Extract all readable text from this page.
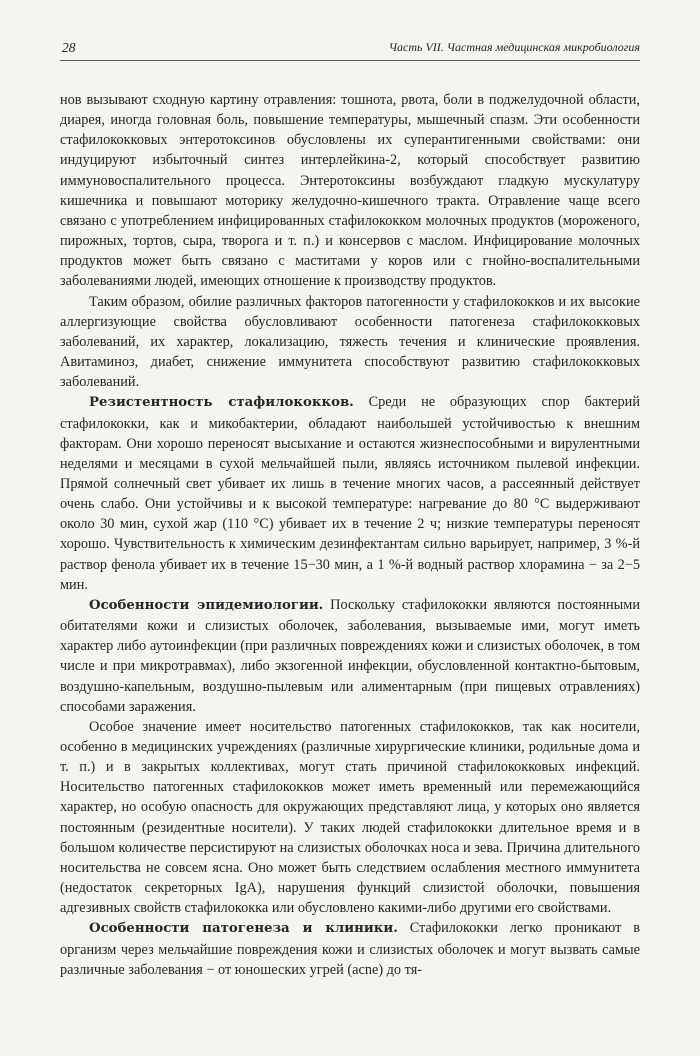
28	Часть VII. Частная медицинская микробиология

нов вызывают сходную картину отравления: тошнота, рвота, боли в поджелудочной области, диарея, иногда головная боль, повышение температуры, мышечный спазм. Эти особенности стафилококковых энтеротоксинов обусловлены их суперантигенными свойствами: они индуцируют избыточный синтез интерлейкина-2, который способствует развитию иммуновоспалительного процесса. Энтеротоксины возбуждают гладкую мускулатуру кишечника и повышают моторику желудочно-кишечного тракта. Отравление чаще всего связано с употреблением инфицированных стафилококком молочных продуктов (мороженого, пирожных, тортов, сыра, творога и т. п.) и консервов с маслом. Инфицирование молочных продуктов может быть связано с маститами у коров или с гнойно-воспалительными заболеваниями людей, имеющих отношение к производству продуктов.

Таким образом, обилие различных факторов патогенности у стафилококков и их высокие аллергизующие свойства обусловливают особенности патогенеза стафилококковых заболеваний, их характер, локализацию, тяжесть течения и клинические проявления. Авитаминоз, диабет, снижение иммунитета способствуют развитию стафилококковых заболеваний.

Резистентность стафилококков. Среди не образующих спор бактерий стафилококки, как и микобактерии, обладают наибольшей устойчивостью к внешним факторам. Они хорошо переносят высыхание и остаются жизнеспособными и вирулентными неделями и месяцами в сухой мельчайшей пыли, являясь источником пылевой инфекции. Прямой солнечный свет убивает их лишь в течение многих часов, а рассеянный действует очень слабо. Они устойчивы и к высокой температуре: нагревание до 80 °С выдерживают около 30 мин, сухой жар (110 °С) убивает их в течение 2 ч; низкие температуры переносят хорошо. Чувствительность к химическим дезинфектантам сильно варьирует, например, 3 %-й раствор фенола убивает их в течение 15−30 мин, а 1 %-й водный раствор хлорамина − за 2−5 мин.

Особенности эпидемиологии. Поскольку стафилококки являются постоянными обитателями кожи и слизистых оболочек, заболевания, вызываемые ими, могут иметь характер либо аутоинфекции (при различных повреждениях кожи и слизистых оболочек, в том числе и при микротравмах), либо экзогенной инфекции, обусловленной контактно-бытовым, воздушно-капельным, воздушно-пылевым или алиментарным (при пищевых отравлениях) способами заражения.

Особое значение имеет носительство патогенных стафилококков, так как носители, особенно в медицинских учреждениях (различные хирургические клиники, родильные дома и т. п.) и в закрытых коллективах, могут стать причиной стафилококковых инфекций. Носительство патогенных стафилококков может иметь временный или перемежающийся характер, но особую опасность для окружающих представляют лица, у которых оно является постоянным (резидентные носители). У таких людей стафилококки длительное время и в большом количестве персистируют на слизистых оболочках носа и зева. Причина длительного носительства не совсем ясна. Оно может быть следствием ослабления местного иммунитета (недостаток секреторных IgA), нарушения функций слизистой оболочки, повышения адгезивных свойств стафилококка или обусловлено какими-либо другими его свойствами.

Особенности патогенеза и клиники. Стафилококки легко проникают в организм через мельчайшие повреждения кожи и слизистых оболочек и могут вызвать самые различные заболевания − от юношеских угрей (acne) до тя-
